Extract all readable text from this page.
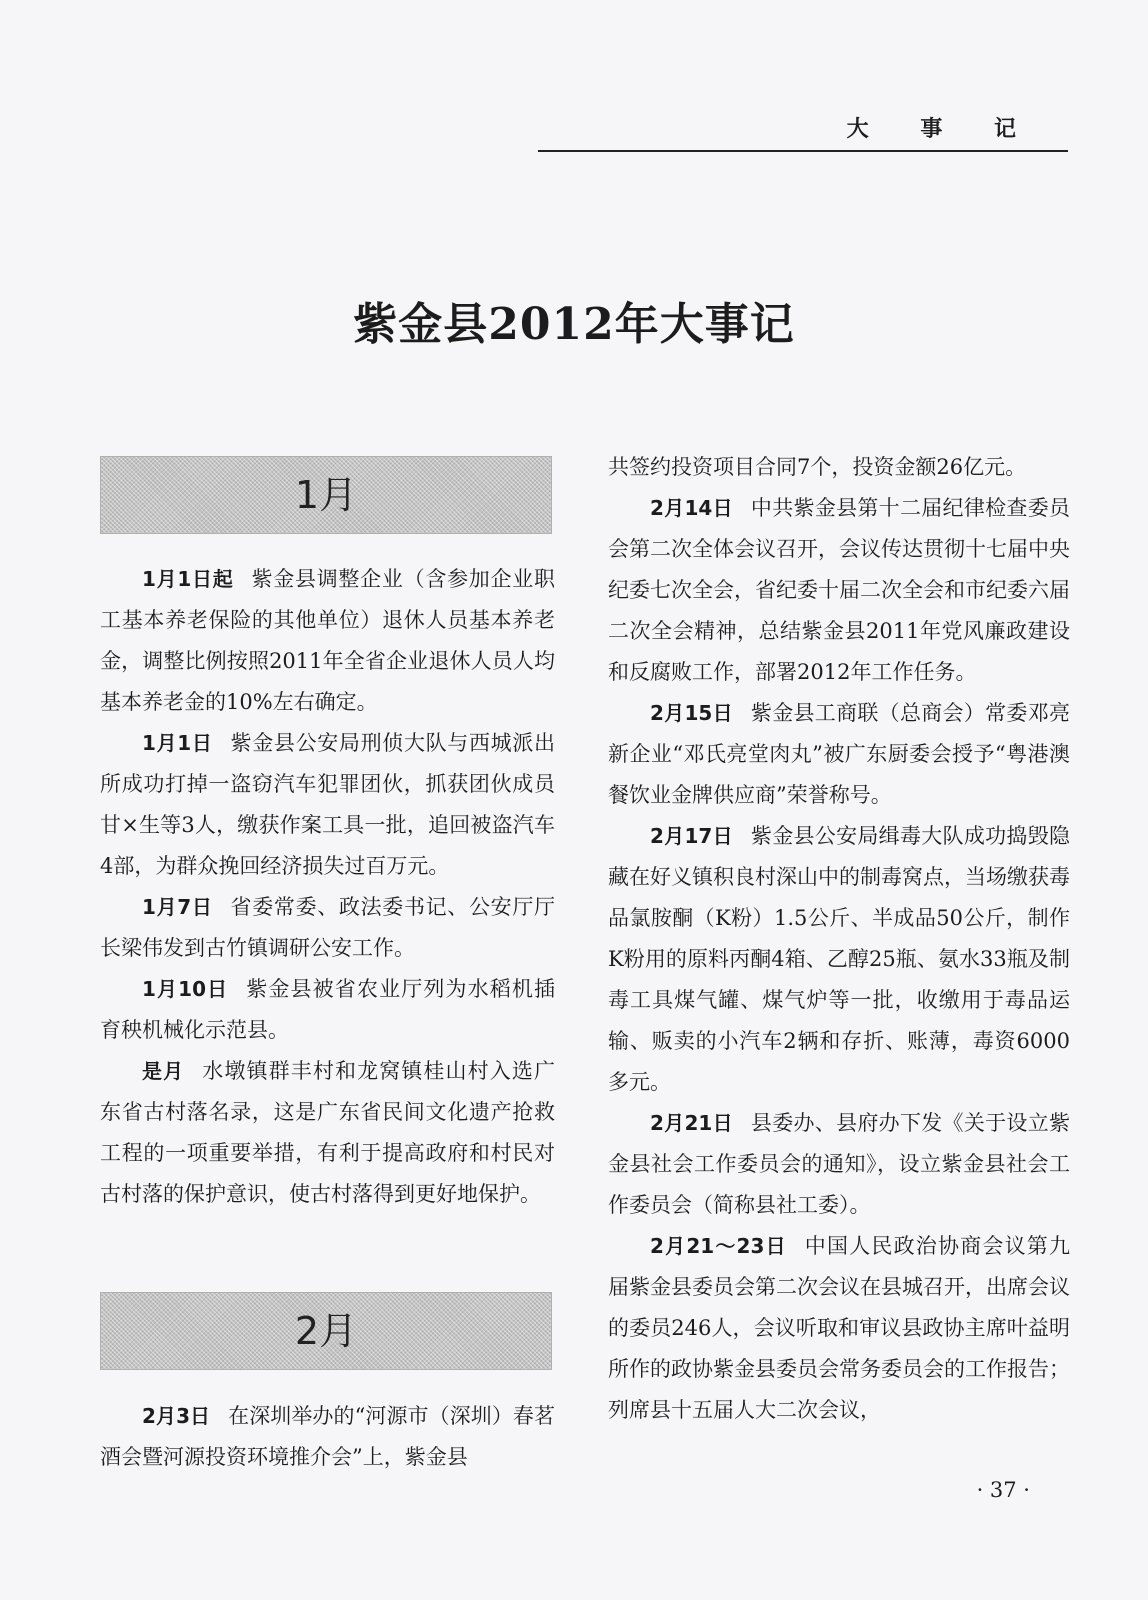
大 事 记
紫金县2012年大事记
1月

1月1日起 紫金县调整企业（含参加企业职工基本养老保险的其他单位）退休人员基本养老金，调整比例按照2011年全省企业退休人员人均基本养老金的10%左右确定。

1月1日 紫金县公安局刑侦大队与西城派出所成功打掉一盗窃汽车犯罪团伙，抓获团伙成员甘×生等3人，缴获作案工具一批，追回被盗汽车4部，为群众挽回经济损失过百万元。

1月7日 省委常委、政法委书记、公安厅厅长梁伟发到古竹镇调研公安工作。

1月10日 紫金县被省农业厅列为水稻机插育秧机械化示范县。

是月 水墩镇群丰村和龙窝镇桂山村入选广东省古村落名录，这是广东省民间文化遗产抢救工程的一项重要举措，有利于提高政府和村民对古村落的保护意识，使古村落得到更好地保护。

2月

2月3日 在深圳举办的“河源市（深圳）春茗酒会暨河源投资环境推介会”上，紫金县

共签约投资项目合同7个，投资金额26亿元。

2月14日 中共紫金县第十二届纪律检查委员会第二次全体会议召开，会议传达贯彻十七届中央纪委七次全会，省纪委十届二次全会和市纪委六届二次全会精神，总结紫金县2011年党风廉政建设和反腐败工作，部署2012年工作任务。

2月15日 紫金县工商联（总商会）常委邓亮新企业“邓氏亮堂肉丸”被广东厨委会授予“粤港澳餐饮业金牌供应商”荣誉称号。

2月17日 紫金县公安局缉毒大队成功捣毁隐藏在好义镇积良村深山中的制毒窝点，当场缴获毒品氯胺酮（K粉）1.5公斤、半成品50公斤，制作K粉用的原料丙酮4箱、乙醇25瓶、氨水33瓶及制毒工具煤气罐、煤气炉等一批，收缴用于毒品运输、贩卖的小汽车2辆和存折、账薄，毒资6000多元。

2月21日 县委办、县府办下发《关于设立紫金县社会工作委员会的通知》，设立紫金县社会工作委员会（简称县社工委）。

2月21～23日 中国人民政治协商会议第九届紫金县委员会第二次会议在县城召开，出席会议的委员246人，会议听取和审议县政协主席叶益明所作的政协紫金县委员会常务委员会的工作报告；列席县十五届人大二次会议，

· 37 ·
